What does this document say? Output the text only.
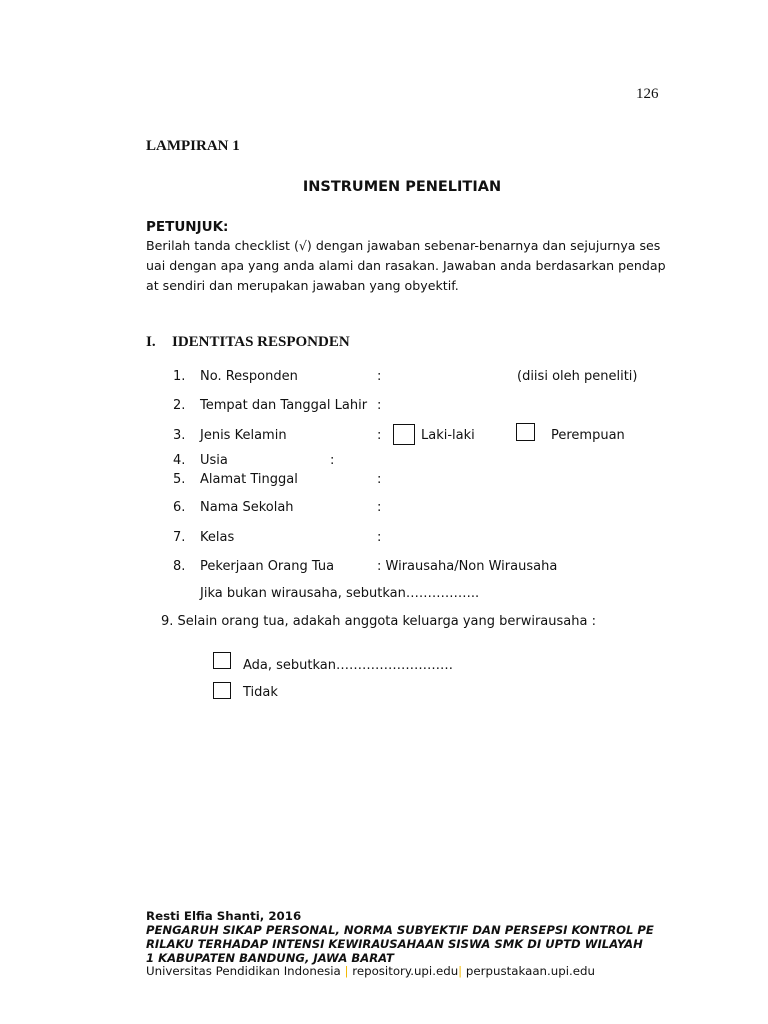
126
LAMPIRAN 1
INSTRUMEN PENELITIAN
PETUNJUK:
Berilah tanda checklist (√) dengan jawaban sebenar-benarnya dan sejujurnya ses
uai dengan apa yang anda alami dan rasakan. Jawaban anda berdasarkan pendap
at sendiri dan merupakan jawaban yang obyektif.
I. IDENTITAS RESPONDEN
1. No. Responden	:	(diisi oleh peneliti)
2. Tempat dan Tanggal Lahir :
3. Jenis Kelamin	:	Laki-laki	Perempuan
4. Usia	:
5. Alamat Tinggal	:
6. Nama Sekolah	:
7. Kelas	:
8. Pekerjaan Orang Tua	: Wirausaha/Non Wirausaha
Jika bukan wirausaha, sebutkan……………..
9. Selain orang tua, adakah anggota keluarga yang berwirausaha :
Ada, sebutkan………………………
Tidak
Resti Elfia Shanti, 2016
PENGARUH SIKAP PERSONAL, NORMA SUBYEKTIF DAN PERSEPSI KONTROL PE
RILAKU TERHADAP INTENSI KEWIRAUSAHAAN SISWA SMK DI UPTD WILAYAH
1 KABUPATEN BANDUNG, JAWA BARAT
Universitas Pendidikan Indonesia | repository.upi.edu| perpustakaan.upi.edu
